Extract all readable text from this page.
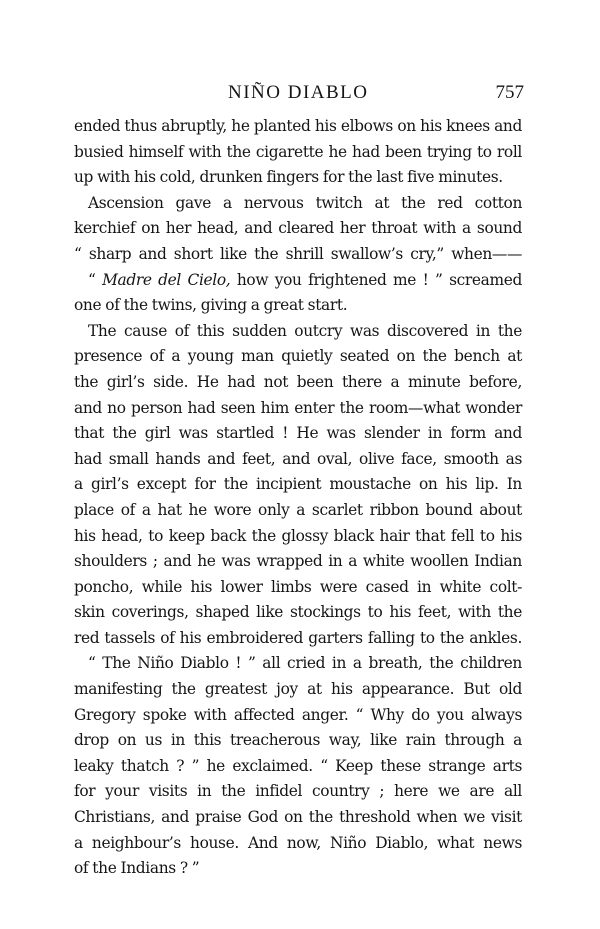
NIÑO DIABLO	757

ended thus abruptly, he planted his elbows on his knees and
busied himself with the cigarette he had been trying to roll
up with his cold, drunken fingers for the last five minutes.

Ascension gave a nervous twitch at the red cotton
kerchief on her head, and cleared her throat with a sound
“ sharp and short like the shrill swallow’s cry,” when——

“ Madre del Cielo, how you frightened me ! ” screamed
one of the twins, giving a great start.

The cause of this sudden outcry was discovered in the
presence of a young man quietly seated on the bench at
the girl’s side. He had not been there a minute before,
and no person had seen him enter the room—what wonder
that the girl was startled ! He was slender in form and
had small hands and feet, and oval, olive face, smooth as
a girl’s except for the incipient moustache on his lip. In
place of a hat he wore only a scarlet ribbon bound about
his head, to keep back the glossy black hair that fell to his
shoulders ; and he was wrapped in a white woollen Indian
poncho, while his lower limbs were cased in white colt-
skin coverings, shaped like stockings to his feet, with the
red tassels of his embroidered garters falling to the ankles.

“ The Niño Diablo ! ” all cried in a breath, the children
manifesting the greatest joy at his appearance. But old
Gregory spoke with affected anger. “ Why do you always
drop on us in this treacherous way, like rain through a
leaky thatch ? ” he exclaimed. “ Keep these strange arts
for your visits in the infidel country ; here we are all
Christians, and praise God on the threshold when we visit
a neighbour’s house. And now, Niño Diablo, what news
of the Indians ? ”
